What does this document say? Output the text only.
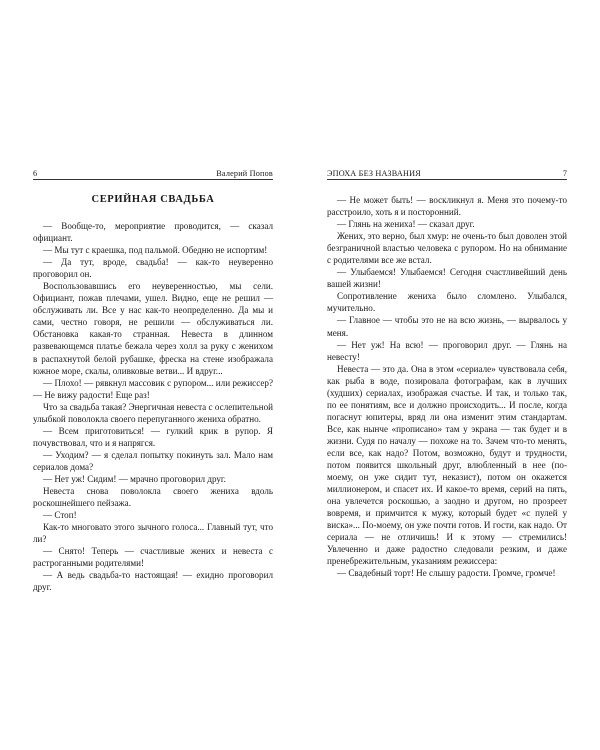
6	Валерий Попов
СЕРИЙНАЯ СВАДЬБА

— Вообще-то, мероприятие проводится, — сказал официант.

— Мы тут с краешка, под пальмой. Обедню не испортим!

— Да тут, вроде, свадьба! — как-то неуверенно проговорил он.

Воспользовавшись его неуверенностью, мы сели. Официант, пожав плечами, ушел. Видно, еще не решил — обслуживать ли. Все у нас как-то неопределенно. Да мы и сами, честно говоря, не решили — обслуживаться ли. Обстановка какая-то странная. Невеста в длинном развевающемся платье бежала через холл за руку с женихом в распахнутой белой рубашке, фреска на стене изображала южное море, скалы, оливковые ветви... И вдруг...

— Плохо! — рявкнул массовик с рупором... или режиссер? — Не вижу радости! Еще раз!

Что за свадьба такая? Энергичная невеста с ослепительной улыбкой поволокла своего перепуганного жениха обратно.

— Всем приготовиться! — гулкий крик в рупор. Я почувствовал, что и я напрягся.

— Уходим? — я сделал попытку покинуть зал. Мало нам сериалов дома?

— Нет уж! Сидим! — мрачно проговорил друг.

Невеста снова поволокла своего жениха вдоль роскошнейшего пейзажа.

— Стоп!

Как-то многовато этого зычного голоса... Главный тут, что ли?

— Снято! Теперь — счастливые жених и невеста с растроганными родителями!

— А ведь свадьба-то настоящая! — ехидно проговорил друг.

ЭПОХА БЕЗ НАЗВАНИЯ	7

— Не может быть! — воскликнул я. Меня это почему-то расстроило, хоть я и посторонний.

— Глянь на жениха! — сказал друг.

Жених, это верно, был хмур: не очень-то был доволен этой безграничной властью человека с рупором. Но на обнимание с родителями все же встал.

— Улыбаемся! Улыбаемся! Сегодня счастливейший день вашей жизни!

Сопротивление жениха было сломлено. Улыбался, мучительно.

— Главное — чтобы это не на всю жизнь, — вырвалось у меня.

— Нет уж! На всю! — проговорил друг. — Глянь на невесту!

Невеста — это да. Она в этом «сериале» чувствовала себя, как рыба в воде, позировала фотографам, как в лучших (худших) сериалах, изображая счастье. И так, и только так, по ее понятиям, все и должно происходить... И после, когда погаснут юпитеры, вряд ли она изменит этим стандартам. Все, как нынче «прописано» там у экрана — так будет и в жизни. Судя по началу — похоже на то. Зачем что-то менять, если все, как надо? Потом, возможно, будут и трудности, потом появится школьный друг, влюбленный в нее (по-моему, он уже сидит тут, неказист), потом он окажется миллионером, и спасет их. И какое-то время, серий на пять, она увлечется роскошью, а заодно и другом, но прозреет вовремя, и примчится к мужу, который будет «с пулей у виска»... По-моему, он уже почти готов. И гости, как надо. От сериала — не отличишь! И к этому — стремились! Увлеченно и даже радостно следовали резким, и даже пренебрежительным, указаниям режиссера:

— Свадебный торт! Не слышу радости. Громче, громче!
